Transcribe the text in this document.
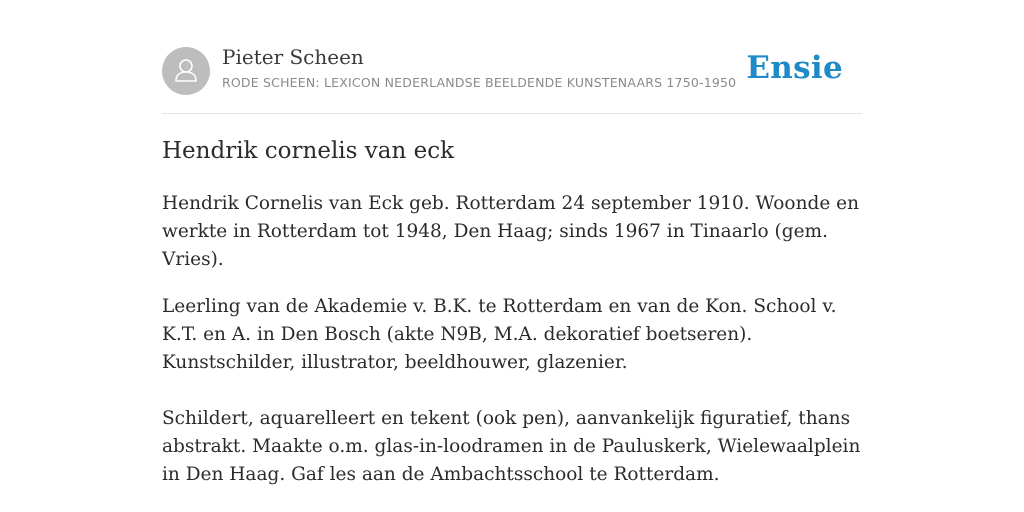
Pieter Scheen
RODE SCHEEN: LEXICON NEDERLANDSE BEELDENDE KUNSTENAARS 1750-1950 Ensie
Hendrik cornelis van eck

Hendrik Cornelis van Eck geb. Rotterdam 24 september 1910. Woonde en werkte in Rotterdam tot 1948, Den Haag; sinds 1967 in Tinaarlo (gem. Vries).

Leerling van de Akademie v. B.K. te Rotterdam en van de Kon. School v. K.T. en A. in Den Bosch (akte N9B, M.A. dekoratief boetseren). Kunstschilder, illustrator, beeldhouwer, glazenier.

Schildert, aquarelleert en tekent (ook pen), aanvankelijk figuratief, thans abstrakt. Maakte o.m. glas-in-loodramen in de Pauluskerk, Wielewaalplein in Den Haag. Gaf les aan de Ambachtsschool te Rotterdam.
